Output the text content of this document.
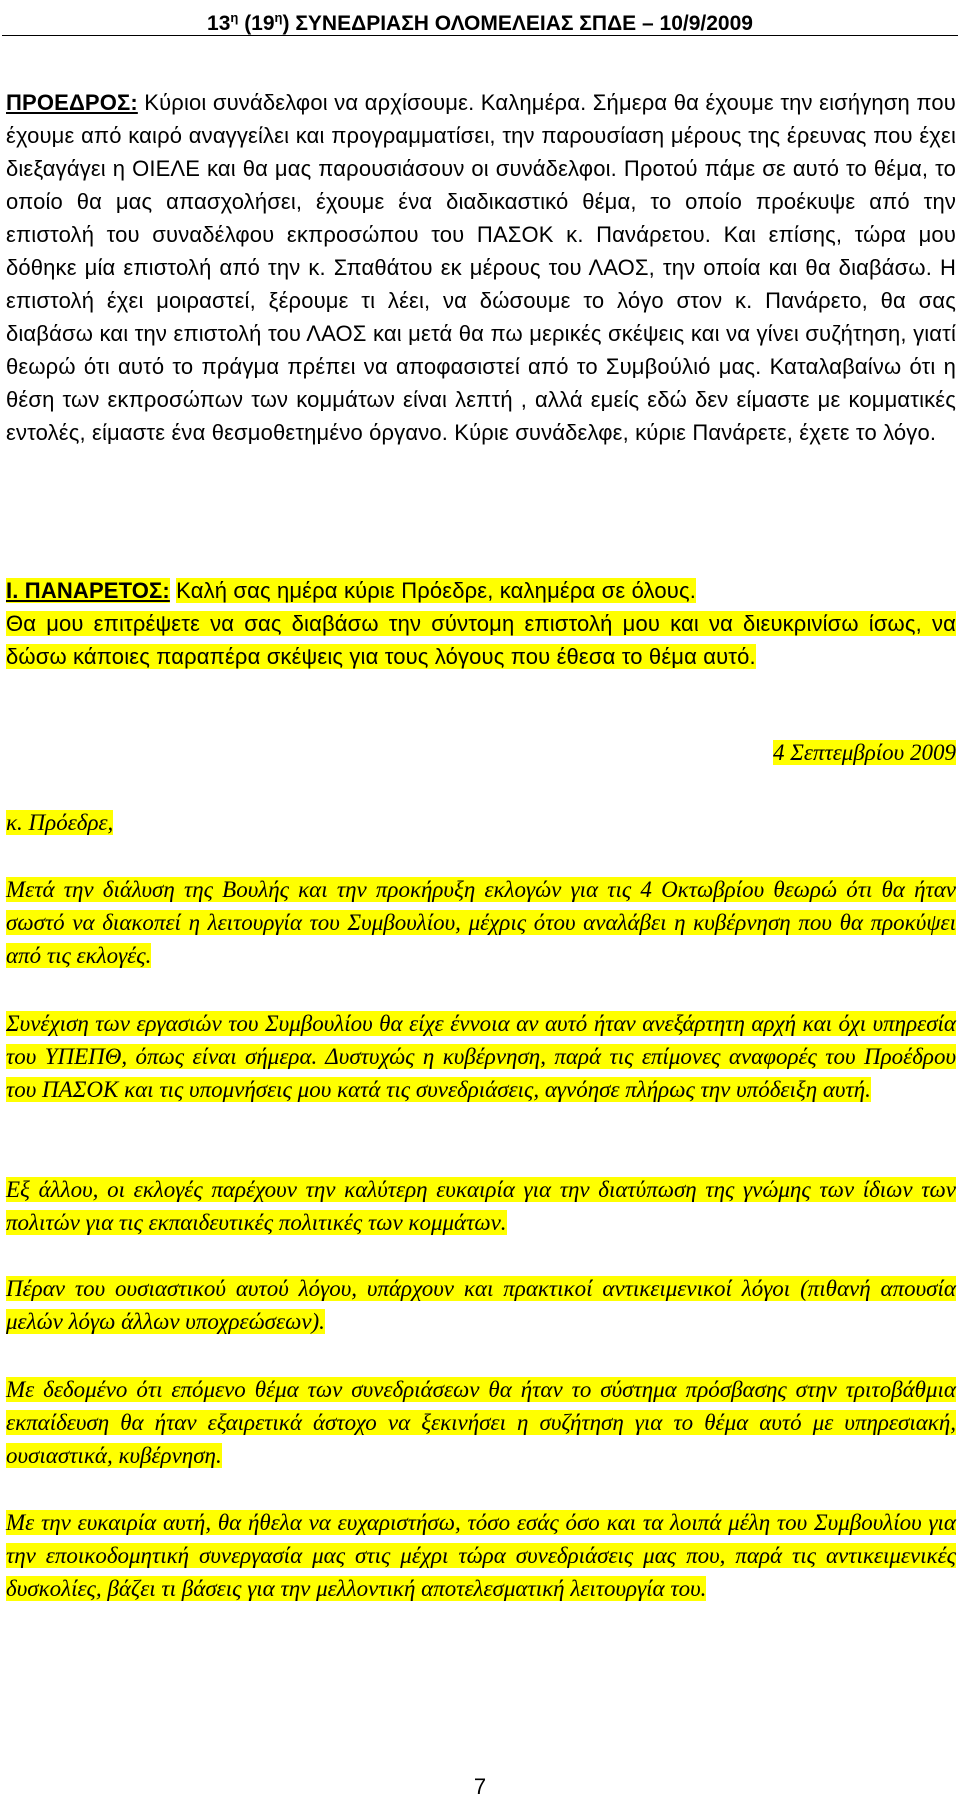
$13^\eta$ $(19^\eta)$ ΣΥΝΕΔΡΙΑΣΗ ΟΛΟΜΕΛΕΙΑΣ ΣΠΔΕ – 10/9/2009

ΠΡΟΕΔΡΟΣ: Κύριοι συνάδελφοι να αρχίσουμε. Καλημέρα. Σήμερα θα έχουμε την εισήγηση που έχουμε από καιρό αναγγείλει και προγραμματίσει, την παρουσίαση μέρους της έρευνας που έχει διεξαγάγει η ΟΙΕΛΕ και θα μας παρουσιάσουν οι συνάδελφοι. Προτού πάμε σε αυτό το θέμα, το οποίο θα μας απασχολήσει, έχουμε ένα διαδικαστικό θέμα, το οποίο προέκυψε από την επιστολή του συναδέλφου εκπροσώπου του ΠΑΣΟΚ κ. Πανάρετου. Και επίσης, τώρα μου δόθηκε μία επιστολή από την κ. Σπαθάτου εκ μέρους του ΛΑΟΣ, την οποία και θα διαβάσω. Η επιστολή έχει μοιραστεί, ξέρουμε τι λέει, να δώσουμε το λόγο στον κ. Πανάρετο, θα σας διαβάσω και την επιστολή του ΛΑΟΣ και μετά θα πω μερικές σκέψεις και να γίνει συζήτηση, γιατί θεωρώ ότι αυτό το πράγμα πρέπει να αποφασιστεί από το Συμβούλιό μας. Καταλαβαίνω ότι η θέση των εκπροσώπων των κομμάτων είναι λεπτή , αλλά εμείς εδώ δεν είμαστε με κομματικές εντολές, είμαστε ένα θεσμοθετημένο όργανο. Κύριε συνάδελφε, κύριε Πανάρετε, έχετε το λόγο.

Ι. ΠΑΝΑΡΕΤΟΣ: Καλή σας ημέρα κύριε Πρόεδρε, καλημέρα σε όλους.
Θα μου επιτρέψετε να σας διαβάσω την σύντομη επιστολή μου και να διευκρινίσω ίσως, να δώσω κάποιες παραπέρα σκέψεις για τους λόγους που έθεσα το θέμα αυτό.

4 Σεπτεμβρίου 2009

κ. Πρόεδρε,

Μετά την διάλυση της Βουλής και την προκήρυξη εκλογών για τις 4 Οκτωβρίου θεωρώ ότι θα ήταν σωστό να διακοπεί η λειτουργία του Συμβουλίου, μέχρις ότου αναλάβει η κυβέρνηση που θα προκύψει από τις εκλογές.

Συνέχιση των εργασιών του Συμβουλίου θα είχε έννοια αν αυτό ήταν ανεξάρτητη αρχή και όχι υπηρεσία του ΥΠΕΠΘ, όπως είναι σήμερα. Δυστυχώς η κυβέρνηση, παρά τις επίμονες αναφορές του Προέδρου του ΠΑΣΟΚ και τις υπομνήσεις μου κατά τις συνεδριάσεις, αγνόησε πλήρως την υπόδειξη αυτή.

Εξ άλλου, οι εκλογές παρέχουν την καλύτερη ευκαιρία για την διατύπωση της γνώμης των ίδιων των πολιτών για τις εκπαιδευτικές πολιτικές των κομμάτων.

Πέραν του ουσιαστικού αυτού λόγου, υπάρχουν και πρακτικοί αντικειμενικοί λόγοι (πιθανή απουσία μελών λόγω άλλων υποχρεώσεων).

Με δεδομένο ότι επόμενο θέμα των συνεδριάσεων θα ήταν το σύστημα πρόσβασης στην τριτοβάθμια εκπαίδευση θα ήταν εξαιρετικά άστοχο να ξεκινήσει η συζήτηση για το θέμα αυτό με υπηρεσιακή, ουσιαστικά, κυβέρνηση.

Με την ευκαιρία αυτή, θα ήθελα να ευχαριστήσω, τόσο εσάς όσο και τα λοιπά μέλη του Συμβουλίου για την εποικοδομητική συνεργασία μας στις μέχρι τώρα συνεδριάσεις μας που, παρά τις αντικειμενικές δυσκολίες, βάζει τι βάσεις για την μελλοντική αποτελεσματική λειτουργία του.

7
